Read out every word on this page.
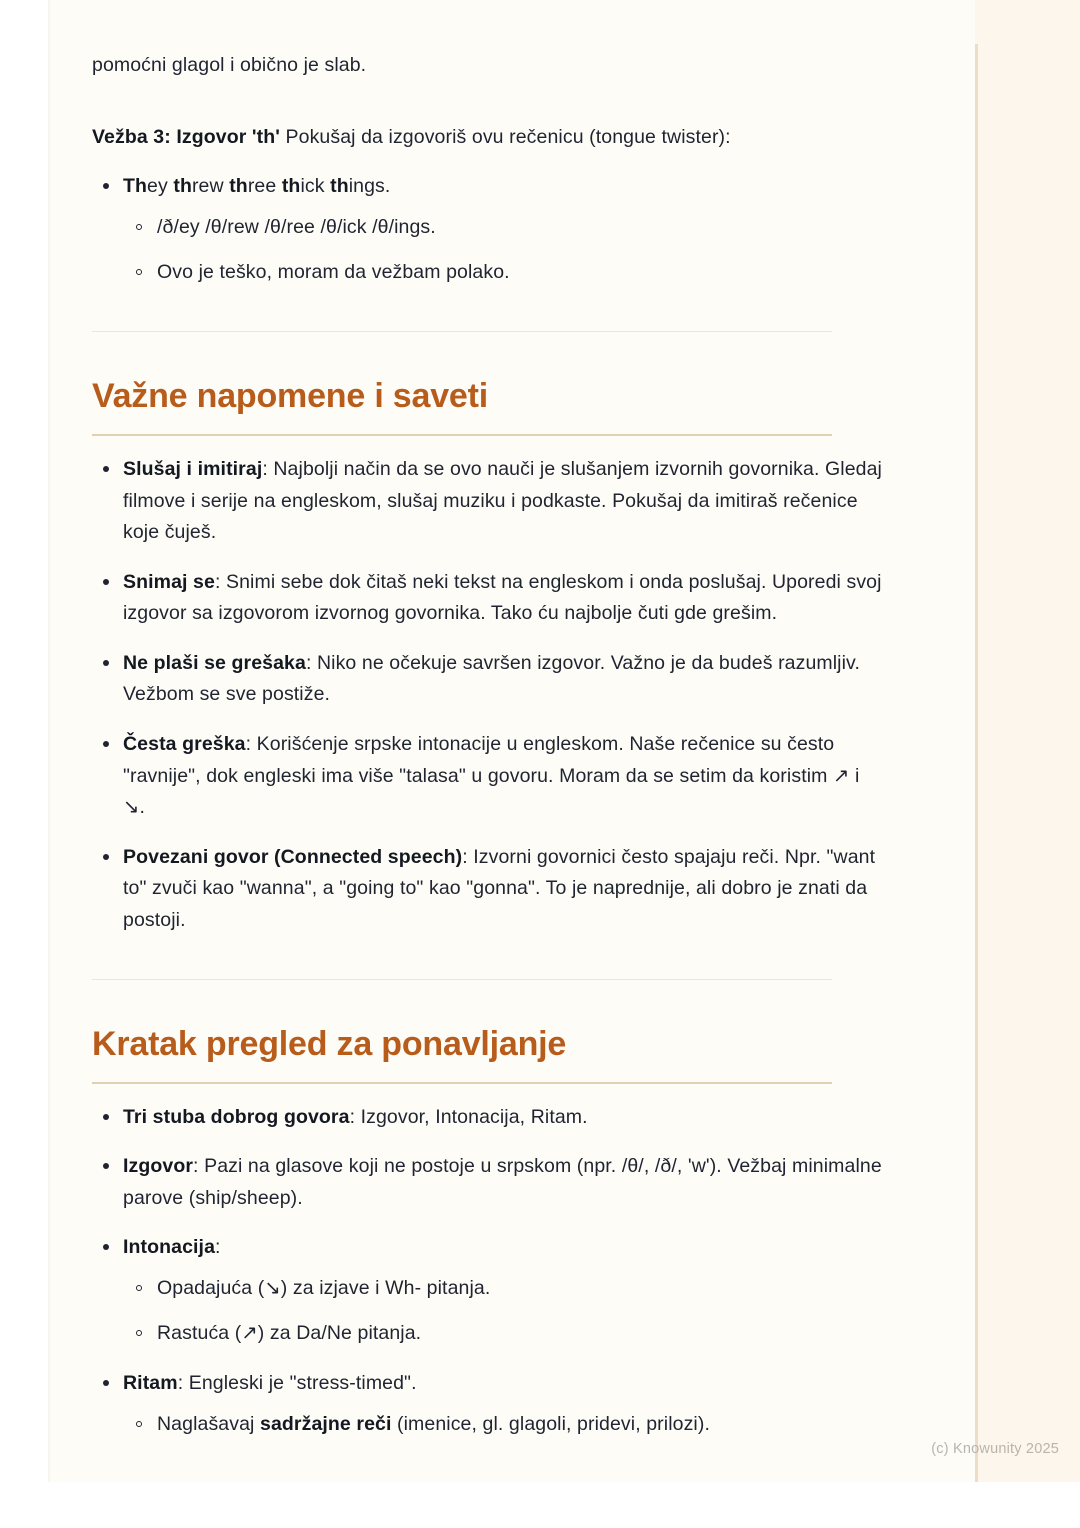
pomoćni glagol i obično je slab.

Vežba 3: Izgovor 'th' Pokušaj da izgovoriš ovu rečenicu (tongue twister):

They threw three thick things.
/ð/ey /θ/rew /θ/ree /θ/ick /θ/ings.
Ovo je teško, moram da vežbam polako.
Važne napomene i saveti
Slušaj i imitiraj: Najbolji način da se ovo nauči je slušanjem izvornih govornika. Gledaj filmove i serije na engleskom, slušaj muziku i podkaste. Pokušaj da imitiraš rečenice koje čuješ.
Snimaj se: Snimi sebe dok čitaš neki tekst na engleskom i onda poslušaj. Uporedi svoj izgovor sa izgovorom izvornog govornika. Tako ću najbolje čuti gde grešim.
Ne plaši se grešaka: Niko ne očekuje savršen izgovor. Važno je da budeš razumljiv. Vežbom se sve postiže.
Česta greška: Korišćenje srpske intonacije u engleskom. Naše rečenice su često "ravnije", dok engleski ima više "talasa" u govoru. Moram da se setim da koristim ↗ i ↘.
Povezani govor (Connected speech): Izvorni govornici često spajaju reči. Npr. "want to" zvuči kao "wanna", a "going to" kao "gonna". To je naprednije, ali dobro je znati da postoji.
Kratak pregled za ponavljanje
Tri stuba dobrog govora: Izgovor, Intonacija, Ritam.
Izgovor: Pazi na glasove koji ne postoje u srpskom (npr. /θ/, /ð/, 'w'). Vežbaj minimalne parove (ship/sheep).
Intonacija:
Opadajuća (↘) za izjave i Wh- pitanja.
Rastuća (↗) za Da/Ne pitanja.
Ritam: Engleski je "stress-timed".
Naglašavaj sadržajne reči (imenice, gl. glagoli, pridevi, prilozi).
(c) Knowunity 2025
